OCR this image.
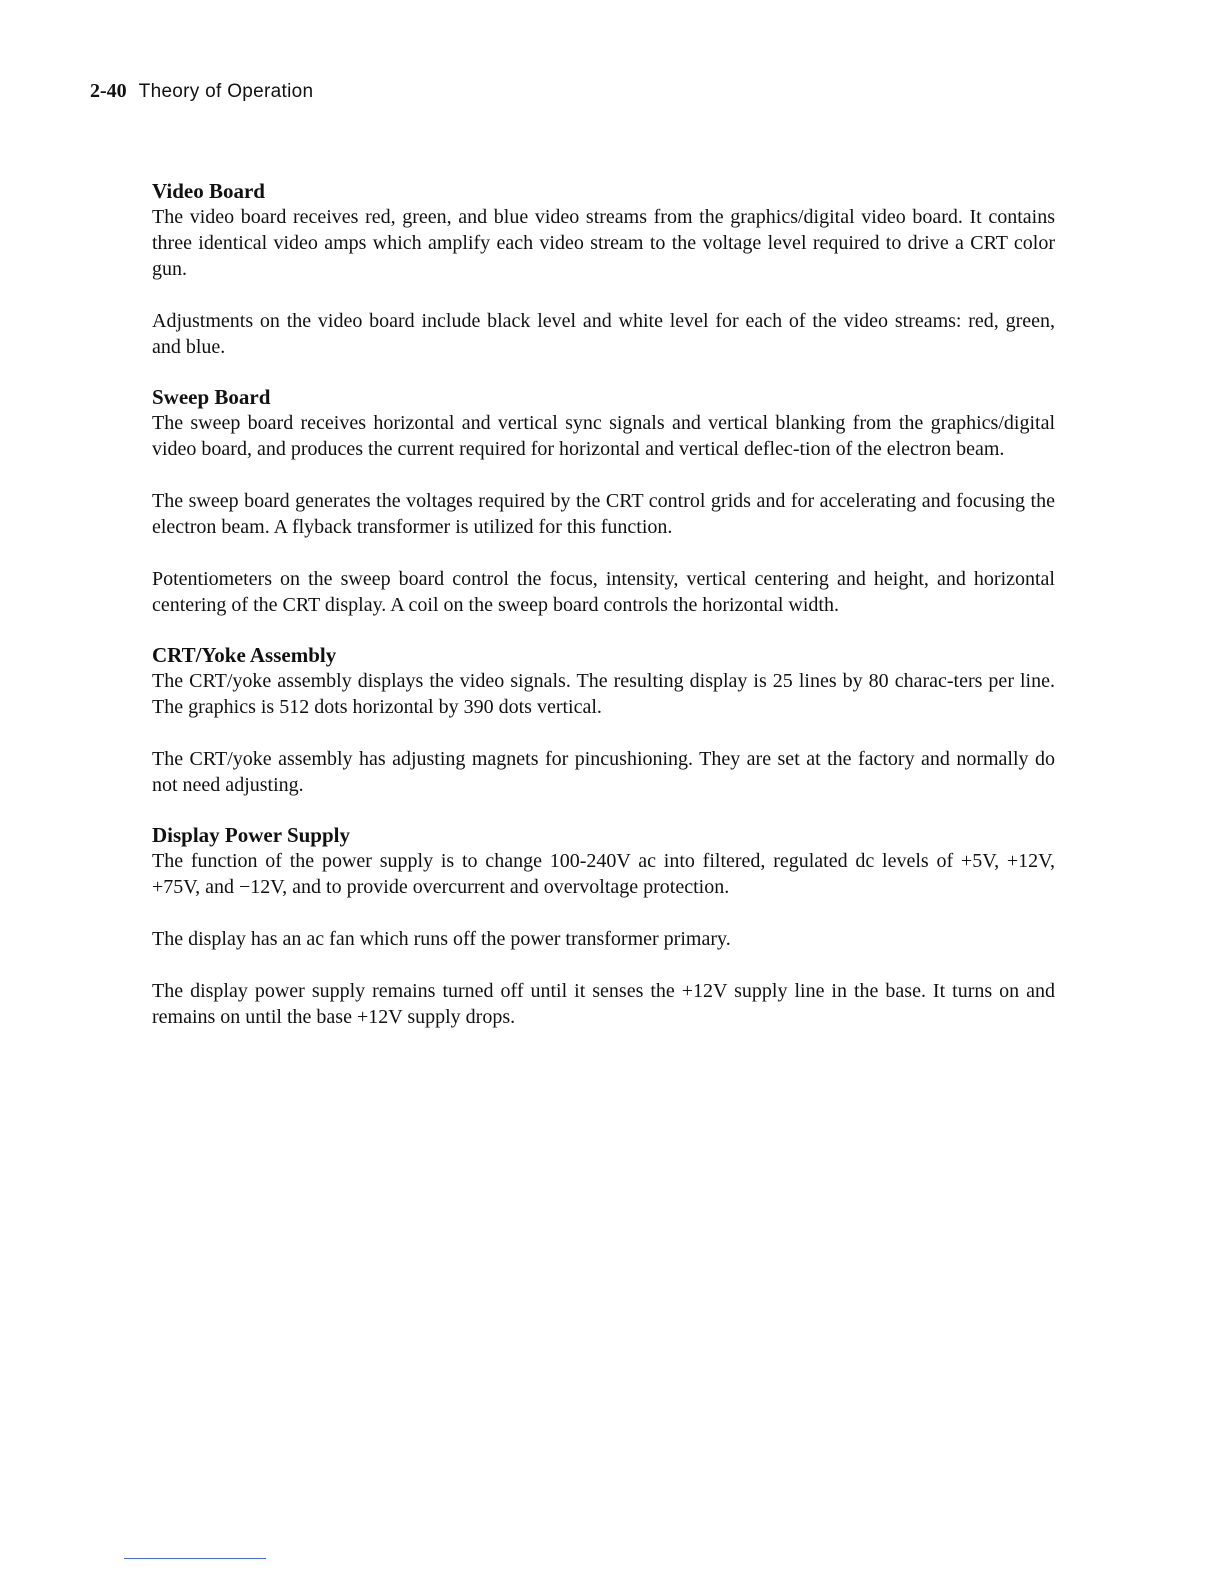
2-40 Theory of Operation
Video Board

The video board receives red, green, and blue video streams from the graphics/digital video board. It contains three identical video amps which amplify each video stream to the voltage level required to drive a CRT color gun.

Adjustments on the video board include black level and white level for each of the video streams: red, green, and blue.

Sweep Board

The sweep board receives horizontal and vertical sync signals and vertical blanking from the graphics/digital video board, and produces the current required for horizontal and vertical deflec-tion of the electron beam.

The sweep board generates the voltages required by the CRT control grids and for accelerating and focusing the electron beam. A flyback transformer is utilized for this function.

Potentiometers on the sweep board control the focus, intensity, vertical centering and height, and horizontal centering of the CRT display. A coil on the sweep board controls the horizontal width.

CRT/Yoke Assembly

The CRT/yoke assembly displays the video signals. The resulting display is 25 lines by 80 charac-ters per line. The graphics is 512 dots horizontal by 390 dots vertical.

The CRT/yoke assembly has adjusting magnets for pincushioning. They are set at the factory and normally do not need adjusting.

Display Power Supply

The function of the power supply is to change 100-240V ac into filtered, regulated dc levels of +5V, +12V, +75V, and −12V, and to provide overcurrent and overvoltage protection.

The display has an ac fan which runs off the power transformer primary.

The display power supply remains turned off until it senses the +12V supply line in the base. It turns on and remains on until the base +12V supply drops.
